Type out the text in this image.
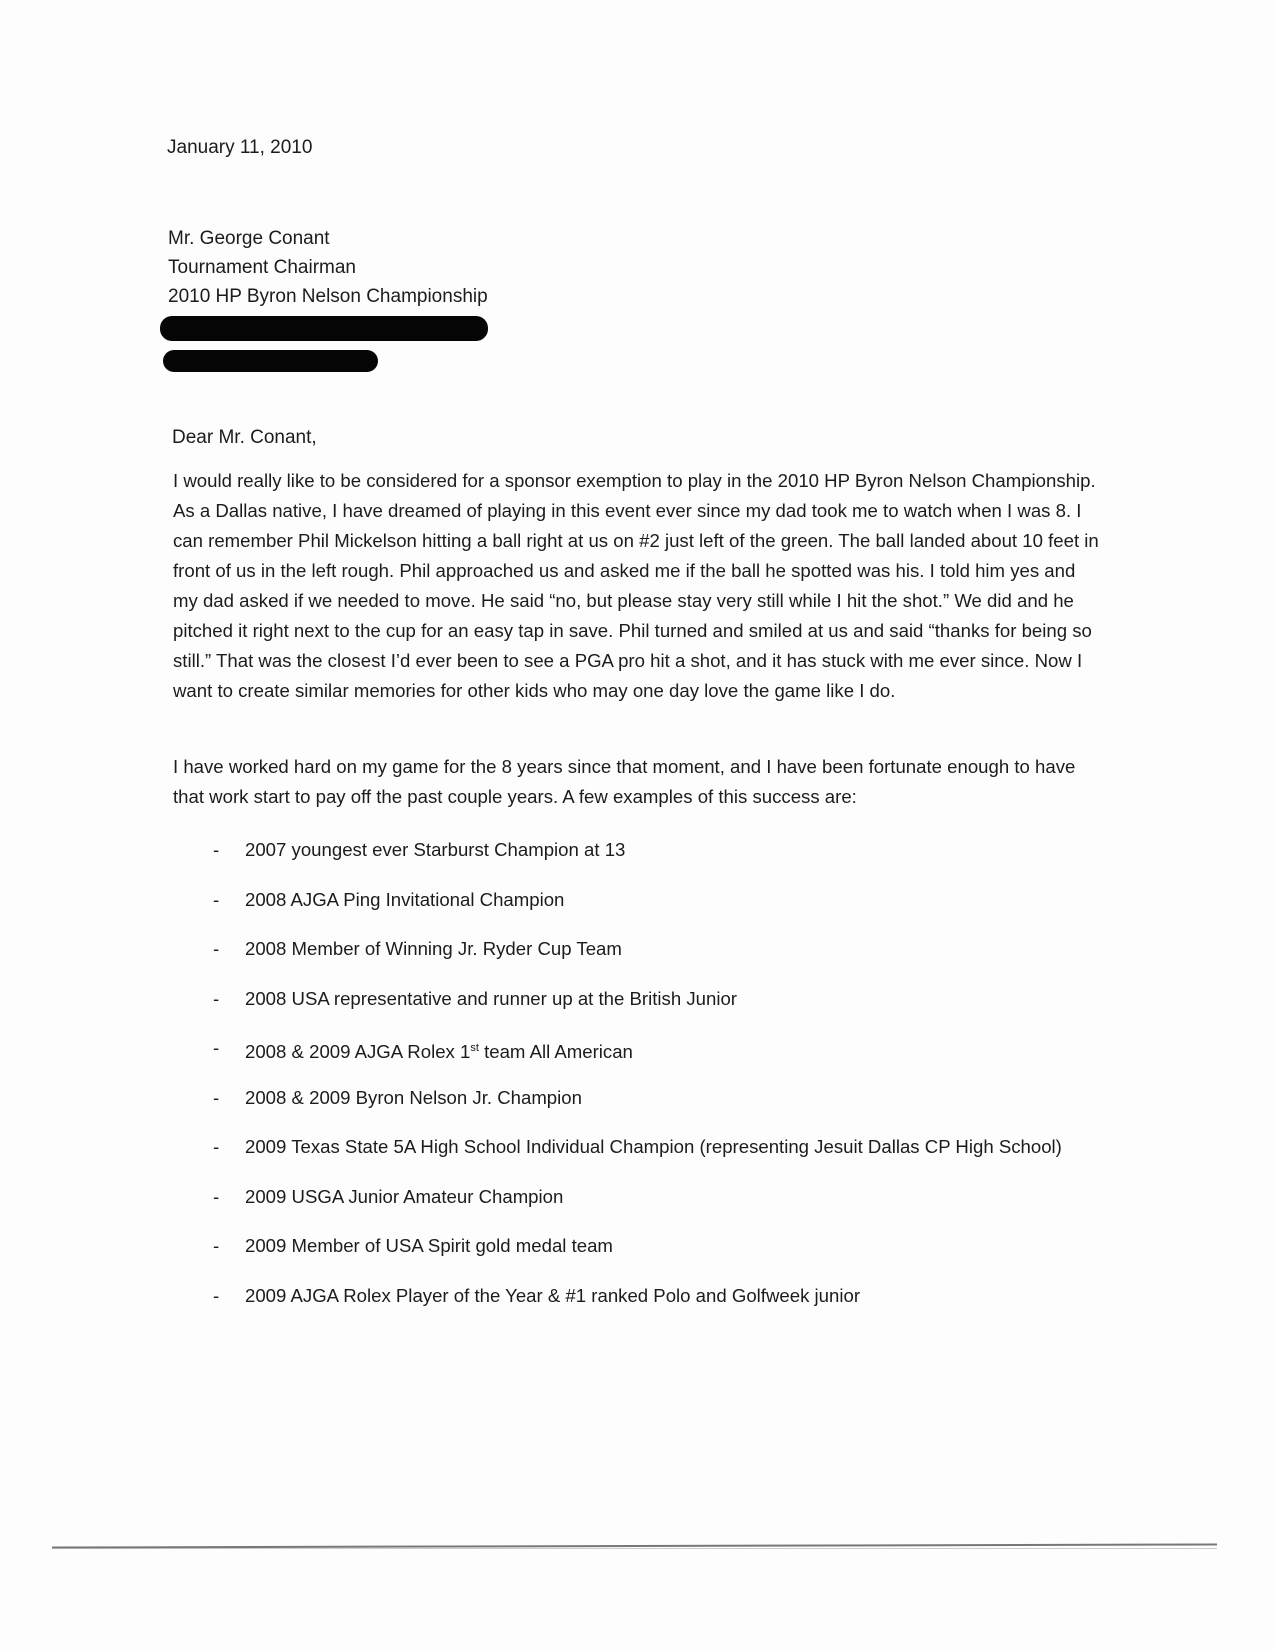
January 11, 2010
Mr. George Conant
Tournament Chairman
2010 HP Byron Nelson Championship
Dear Mr. Conant,

I would really like to be considered for a sponsor exemption to play in the 2010 HP Byron Nelson Championship. As a Dallas native, I have dreamed of playing in this event ever since my dad took me to watch when I was 8. I can remember Phil Mickelson hitting a ball right at us on #2 just left of the green. The ball landed about 10 feet in front of us in the left rough. Phil approached us and asked me if the ball he spotted was his. I told him yes and my dad asked if we needed to move. He said “no, but please stay very still while I hit the shot.” We did and he pitched it right next to the cup for an easy tap in save. Phil turned and smiled at us and said “thanks for being so still.” That was the closest I’d ever been to see a PGA pro hit a shot, and it has stuck with me ever since. Now I want to create similar memories for other kids who may one day love the game like I do.

I have worked hard on my game for the 8 years since that moment, and I have been fortunate enough to have that work start to pay off the past couple years. A few examples of this success are:

- 2007 youngest ever Starburst Champion at 13
- 2008 AJGA Ping Invitational Champion
- 2008 Member of Winning Jr. Ryder Cup Team
- 2008 USA representative and runner up at the British Junior
- 2008 & 2009 AJGA Rolex 1st team All American
- 2008 & 2009 Byron Nelson Jr. Champion
- 2009 Texas State 5A High School Individual Champion (representing Jesuit Dallas CP High School)
- 2009 USGA Junior Amateur Champion
- 2009 Member of USA Spirit gold medal team
- 2009 AJGA Rolex Player of the Year & #1 ranked Polo and Golfweek junior
